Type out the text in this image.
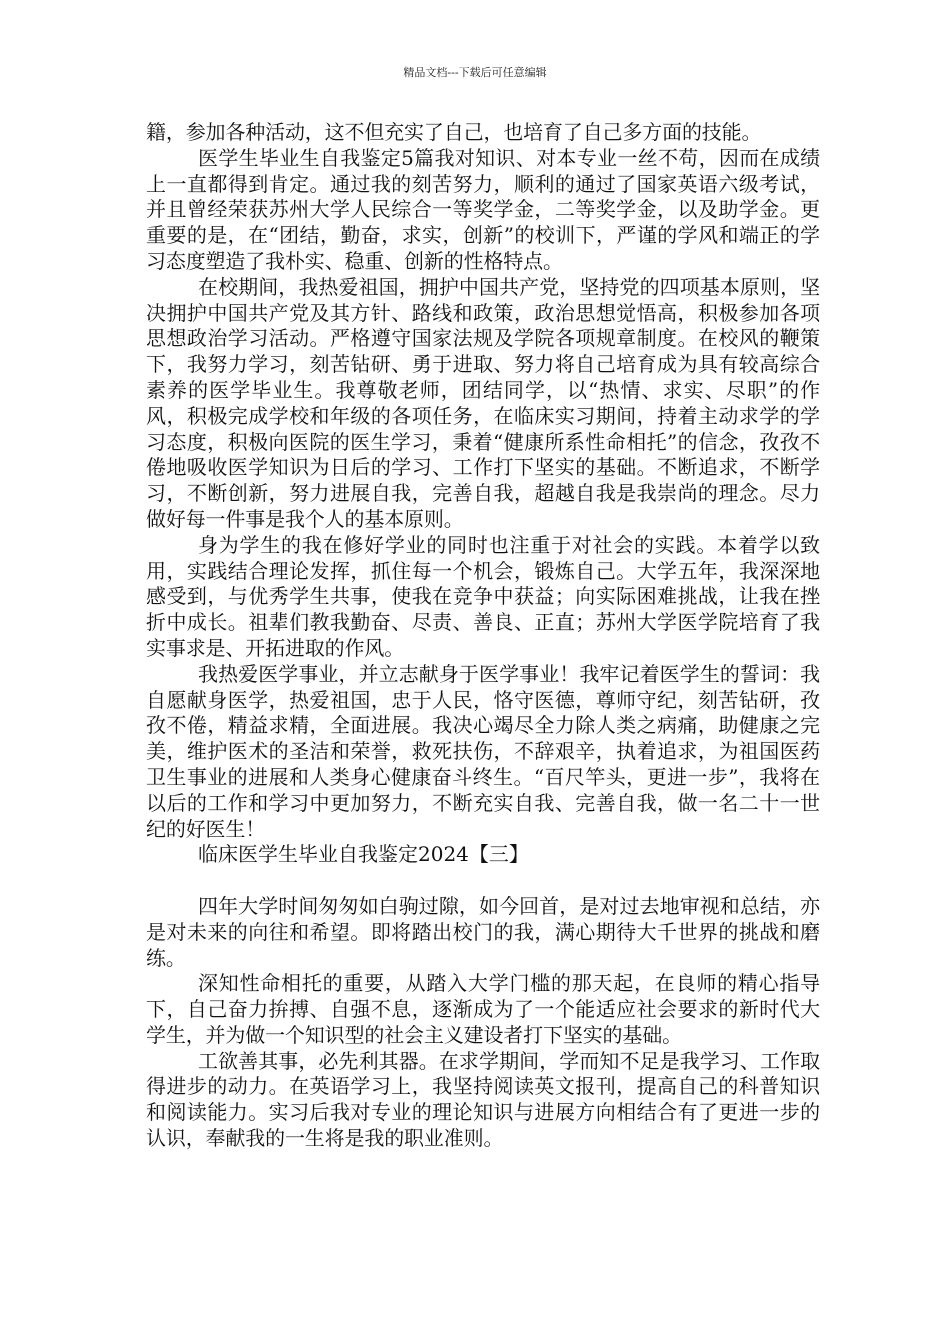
精品文档---下载后可任意编辑

籍，参加各种活动，这不但充实了自己，也培育了自己多方面的技能。

医学生毕业生自我鉴定5篇我对知识、对本专业一丝不苟，因而在成绩上一直都得到肯定。通过我的刻苦努力，顺利的通过了国家英语六级考试，并且曾经荣获苏州大学人民综合一等奖学金，二等奖学金，以及助学金。更重要的是，在“团结，勤奋，求实，创新”的校训下，严谨的学风和端正的学习态度塑造了我朴实、稳重、创新的性格特点。

在校期间，我热爱祖国，拥护中国共产党，坚持党的四项基本原则，坚决拥护中国共产党及其方针、路线和政策，政治思想觉悟高，积极参加各项思想政治学习活动。严格遵守国家法规及学院各项规章制度。在校风的鞭策下，我努力学习，刻苦钻研、勇于进取、努力将自己培育成为具有较高综合素养的医学毕业生。我尊敬老师，团结同学，以“热情、求实、尽职”的作风，积极完成学校和年级的各项任务，在临床实习期间，持着主动求学的学习态度，积极向医院的医生学习，秉着“健康所系性命相托”的信念，孜孜不倦地吸收医学知识为日后的学习、工作打下坚实的基础。不断追求，不断学习，不断创新，努力进展自我，完善自我，超越自我是我崇尚的理念。尽力做好每一件事是我个人的基本原则。

身为学生的我在修好学业的同时也注重于对社会的实践。本着学以致用，实践结合理论发挥，抓住每一个机会，锻炼自己。大学五年，我深深地感受到，与优秀学生共事，使我在竞争中获益；向实际困难挑战，让我在挫折中成长。祖辈们教我勤奋、尽责、善良、正直；苏州大学医学院培育了我实事求是、开拓进取的作风。

我热爱医学事业，并立志献身于医学事业！我牢记着医学生的誓词：我自愿献身医学，热爱祖国，忠于人民，恪守医德，尊师守纪，刻苦钻研，孜孜不倦，精益求精，全面进展。我决心竭尽全力除人类之病痛，助健康之完美，维护医术的圣洁和荣誉，救死扶伤，不辞艰辛，执着追求，为祖国医药卫生事业的进展和人类身心健康奋斗终生。“百尺竿头，更进一步”，我将在以后的工作和学习中更加努力，不断充实自我、完善自我，做一名二十一世纪的好医生！

临床医学生毕业自我鉴定2024【三】

四年大学时间匆匆如白驹过隙，如今回首，是对过去地审视和总结，亦是对未来的向往和希望。即将踏出校门的我，满心期待大千世界的挑战和磨练。

深知性命相托的重要，从踏入大学门槛的那天起，在良师的精心指导下，自己奋力拚搏、自强不息，逐渐成为了一个能适应社会要求的新时代大学生，并为做一个知识型的社会主义建设者打下坚实的基础。

工欲善其事，必先利其器。在求学期间，学而知不足是我学习、工作取得进步的动力。在英语学习上，我坚持阅读英文报刊，提高自己的科普知识和阅读能力。实习后我对专业的理论知识与进展方向相结合有了更进一步的认识，奉献我的一生将是我的职业准则。
